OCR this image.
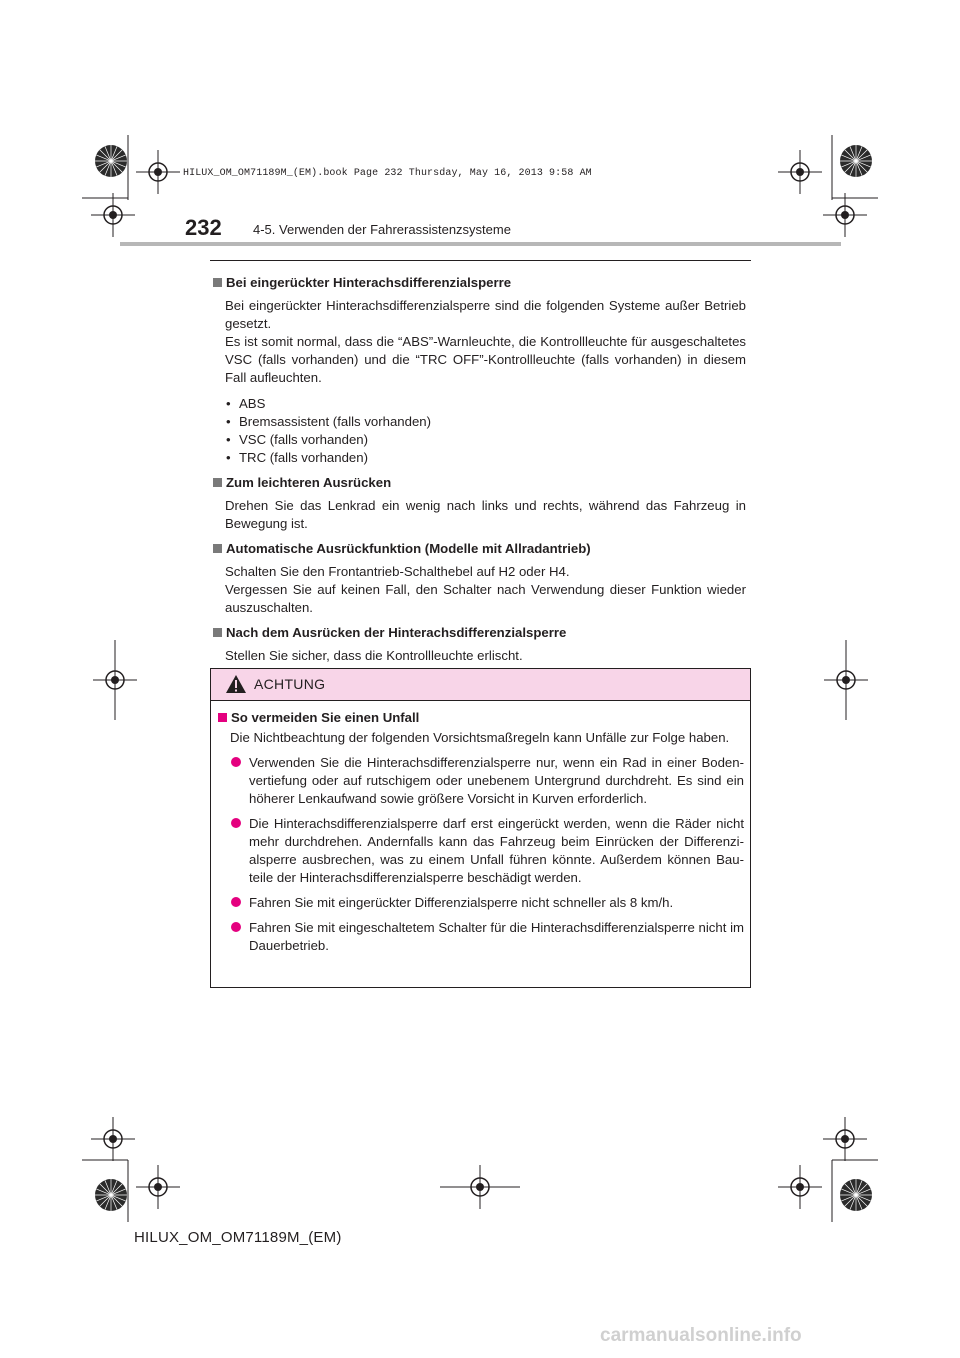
HILUX_OM_OM71189M_(EM).book Page 232 Thursday, May 16, 2013 9:58 AM
232 4-5. Verwenden der Fahrerassistenzsysteme
Bei eingerückter Hinterachsdifferenzialsperre
Bei eingerückter Hinterachsdifferenzialsperre sind die folgenden Systeme außer Betrieb gesetzt.
Es ist somit normal, dass die “ABS”-Warnleuchte, die Kontrollleuchte für ausgeschaltetes VSC (falls vorhanden) und die “TRC OFF”-Kontrollleuchte (falls vorhanden) in diesem Fall aufleuchten.
• ABS
• Bremsassistent (falls vorhanden)
• VSC (falls vorhanden)
• TRC (falls vorhanden)
Zum leichteren Ausrücken
Drehen Sie das Lenkrad ein wenig nach links und rechts, während das Fahrzeug in Bewegung ist.
Automatische Ausrückfunktion (Modelle mit Allradantrieb)
Schalten Sie den Frontantrieb-Schalthebel auf H2 oder H4.
Vergessen Sie auf keinen Fall, den Schalter nach Verwendung dieser Funktion wieder auszuschalten.
Nach dem Ausrücken der Hinterachsdifferenzialsperre
Stellen Sie sicher, dass die Kontrollleuchte erlischt.
ACHTUNG
So vermeiden Sie einen Unfall
Die Nichtbeachtung der folgenden Vorsichtsmaßregeln kann Unfälle zur Folge haben.
Verwenden Sie die Hinterachsdifferenzialsperre nur, wenn ein Rad in einer Bodenvertiefung oder auf rutschigem oder unebenem Untergrund durchdreht. Es sind ein höherer Lenkaufwand sowie größere Vorsicht in Kurven erforderlich.
Die Hinterachsdifferenzialsperre darf erst eingerückt werden, wenn die Räder nicht mehr durchdrehen. Andernfalls kann das Fahrzeug beim Einrücken der Differenzialsperre ausbrechen, was zu einem Unfall führen könnte. Außerdem können Bauteile der Hinterachsdifferenzialsperre beschädigt werden.
Fahren Sie mit eingerückter Differenzialsperre nicht schneller als 8 km/h.
Fahren Sie mit eingeschaltetem Schalter für die Hinterachsdifferenzialsperre nicht im Dauerbetrieb.
HILUX_OM_OM71189M_(EM)
carmanualsonline.info
